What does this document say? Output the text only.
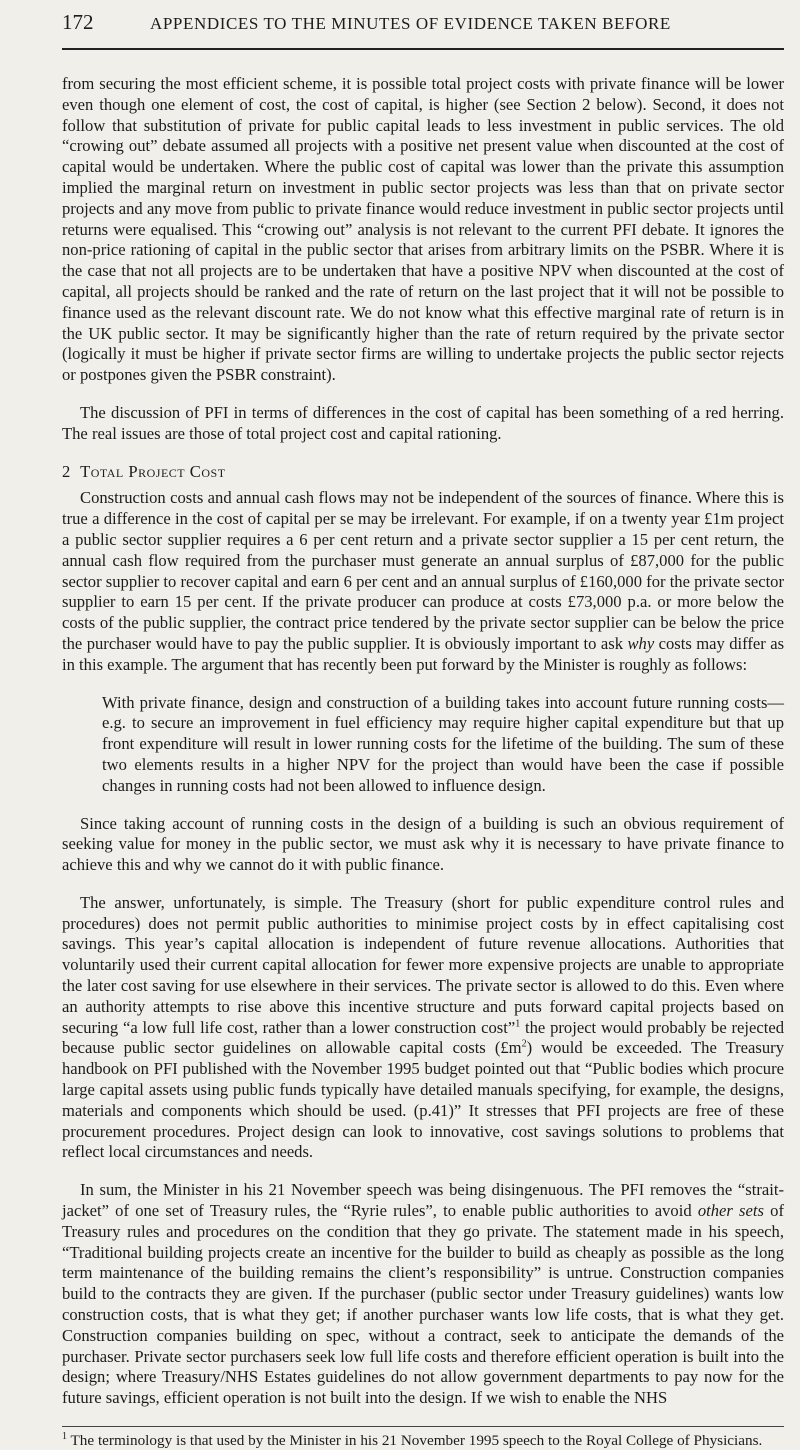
172	APPENDICES TO THE MINUTES OF EVIDENCE TAKEN BEFORE

from securing the most efficient scheme, it is possible total project costs with private finance will be lower even though one element of cost, the cost of capital, is higher (see Section 2 below). Second, it does not follow that substitution of private for public capital leads to less investment in public services. The old “crowing out” debate assumed all projects with a positive net present value when discounted at the cost of capital would be undertaken. Where the public cost of capital was lower than the private this assumption implied the marginal return on investment in public sector projects was less than that on private sector projects and any move from public to private finance would reduce investment in public sector projects until returns were equalised. This “crowing out” analysis is not relevant to the current PFI debate. It ignores the non-price rationing of capital in the public sector that arises from arbitrary limits on the PSBR. Where it is the case that not all projects are to be undertaken that have a positive NPV when discounted at the cost of capital, all projects should be ranked and the rate of return on the last project that it will not be possible to finance used as the relevant discount rate. We do not know what this effective marginal rate of return is in the UK public sector. It may be significantly higher than the rate of return required by the private sector (logically it must be higher if private sector firms are willing to undertake projects the public sector rejects or postpones given the PSBR constraint).

The discussion of PFI in terms of differences in the cost of capital has been something of a red herring. The real issues are those of total project cost and capital rationing.

2 Total Project Cost

Construction costs and annual cash flows may not be independent of the sources of finance. Where this is true a difference in the cost of capital per se may be irrelevant. For example, if on a twenty year £1m project a public sector supplier requires a 6 per cent return and a private sector supplier a 15 per cent return, the annual cash flow required from the purchaser must generate an annual surplus of £87,000 for the public sector supplier to recover capital and earn 6 per cent and an annual surplus of £160,000 for the private sector supplier to earn 15 per cent. If the private producer can produce at costs £73,000 p.a. or more below the costs of the public supplier, the contract price tendered by the private sector supplier can be below the price the purchaser would have to pay the public supplier. It is obviously important to ask why costs may differ as in this example. The argument that has recently been put forward by the Minister is roughly as follows:

With private finance, design and construction of a building takes into account future running costs—e.g. to secure an improvement in fuel efficiency may require higher capital expenditure but that up front expenditure will result in lower running costs for the lifetime of the building. The sum of these two elements results in a higher NPV for the project than would have been the case if possible changes in running costs had not been allowed to influence design.

Since taking account of running costs in the design of a building is such an obvious requirement of seeking value for money in the public sector, we must ask why it is necessary to have private finance to achieve this and why we cannot do it with public finance.

The answer, unfortunately, is simple. The Treasury (short for public expenditure control rules and procedures) does not permit public authorities to minimise project costs by in effect capitalising cost savings. This year’s capital allocation is independent of future revenue allocations. Authorities that voluntarily used their current capital allocation for fewer more expensive projects are unable to appropriate the later cost saving for use elsewhere in their services. The private sector is allowed to do this. Even where an authority attempts to rise above this incentive structure and puts forward capital projects based on securing “a low full life cost, rather than a lower construction cost”$^1$ the project would probably be rejected because public sector guidelines on allowable capital costs $(£m^2)$ would be exceeded. The Treasury handbook on PFI published with the November 1995 budget pointed out that “Public bodies which procure large capital assets using public funds typically have detailed manuals specifying, for example, the designs, materials and components which should be used. (p.41)” It stresses that PFI projects are free of these procurement procedures. Project design can look to innovative, cost savings solutions to problems that reflect local circumstances and needs.

In sum, the Minister in his 21 November speech was being disingenuous. The PFI removes the “strait-jacket” of one set of Treasury rules, the “Ryrie rules”, to enable public authorities to avoid other sets of Treasury rules and procedures on the condition that they go private. The statement made in his speech, “Traditional building projects create an incentive for the builder to build as cheaply as possible as the long term maintenance of the building remains the client’s responsibility” is untrue. Construction companies build to the contracts they are given. If the purchaser (public sector under Treasury guidelines) wants low construction costs, that is what they get; if another purchaser wants low life costs, that is what they get. Construction companies building on spec, without a contract, seek to anticipate the demands of the purchaser. Private sector purchasers seek low full life costs and therefore efficient operation is built into the design; where Treasury/NHS Estates guidelines do not allow government departments to pay now for the future savings, efficient operation is not built into the design. If we wish to enable the NHS

$^1$ The terminology is that used by the Minister in his 21 November 1995 speech to the Royal College of Physicians.
